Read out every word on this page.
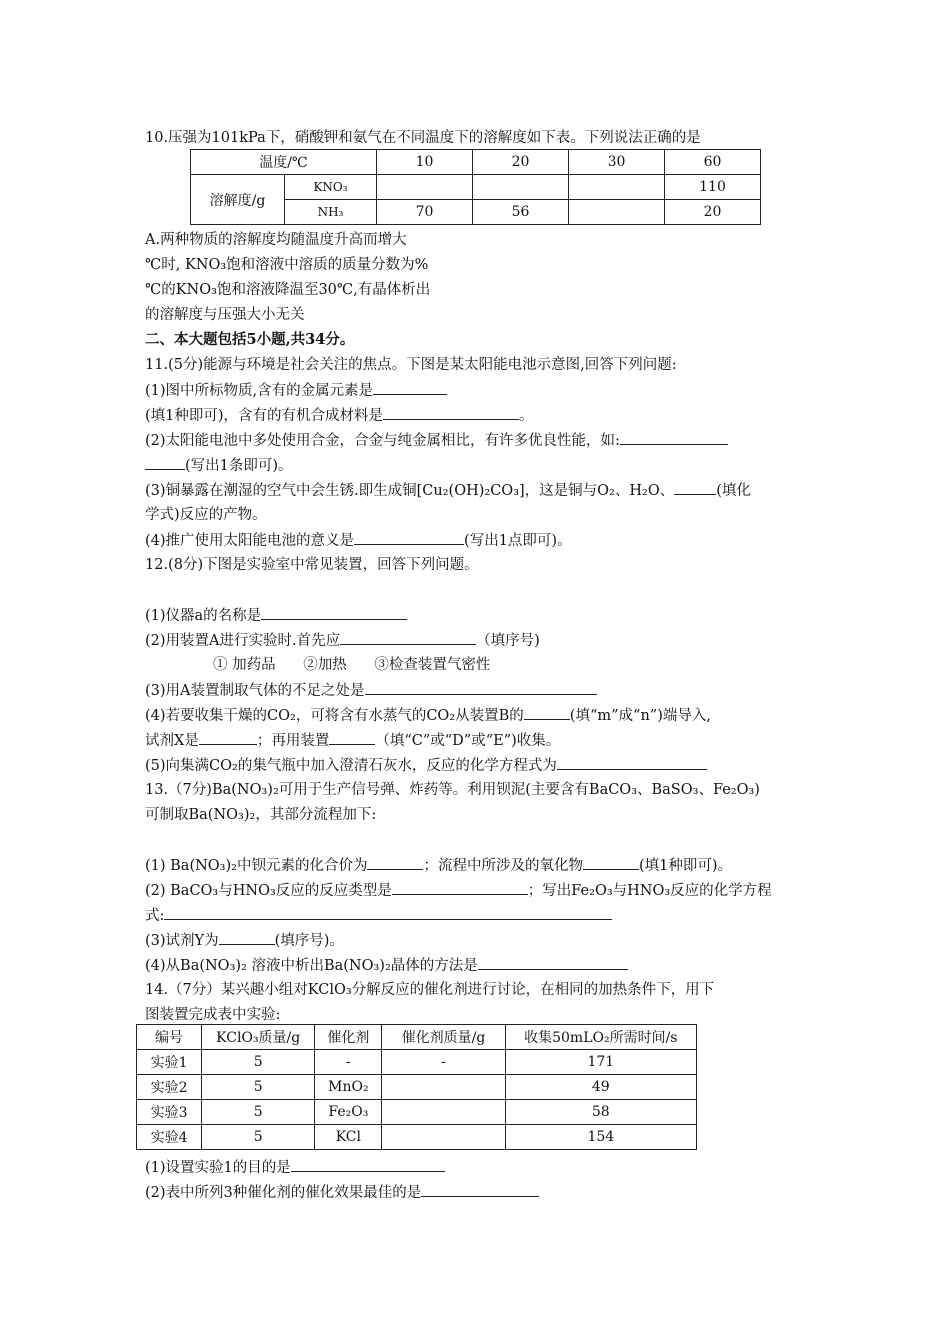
10.压强为101kPa下，硝酸钾和氨气在不同温度下的溶解度如下表。下列说法正确的是
温度/℃		10	20	30	60
溶解度/g	KNO₃				110
	NH₃	70	56		20
A.两种物质的溶解度均随温度升高而增大
℃时, KNO₃饱和溶液中溶质的质量分数为%
℃的KNO₃饱和溶液降温至30℃,有晶体析出
的溶解度与压强大小无关
二、本大题包括5小题,共34分。
11.(5分)能源与环境是社会关注的焦点。下图是某太阳能电池示意图,回答下列问题:
(1)图中所标物质,含有的金属元素是
(填1种即可)，含有的有机合成材料是	。
(2)太阳能电池中多处使用合金，合金与纯金属相比，有许多优良性能，如:
(写出1条即可)。
(3)铜暴露在潮湿的空气中会生锈.即生成铜[Cu₂(OH)₂CO₃]，这是铜与O₂、H₂O、	(填化
学式)反应的产物。
(4)推广使用太阳能电池的意义是	(写出1点即可)。
12.(8分)下图是实验室中常见装置，回答下列问题。
(1)仪器a的名称是
(2)用装置A进行实验时.首先应	（填序号)
① 加药品      ②加热      ③检查装置气密性
(3)用A装置制取气体的不足之处是
(4)若要收集干燥的CO₂，可将含有水蒸气的CO₂从装置B的	(填“m”成“n”)端导入,
试剂X是	；再用装置	（填“C”或“D”或“E”)收集。
(5)向集满CO₂的集气瓶中加入澄清石灰水，反应的化学方程式为
13.（7分)Ba(NO₃)₂可用于生产信号弹、炸药等。利用钡泥(主要含有BaCO₃、BaSO₃、Fe₂O₃)
可制取Ba(NO₃)₂，其部分流程加下:
(1) Ba(NO₃)₂中钡元素的化合价为	；流程中所涉及的氧化物	(填1种即可)。
(2) BaCO₃与HNO₃反应的反应类型是	；写出Fe₂O₃与HNO₃反应的化学方程
式:
(3)试剂Y为	(填序号)。
(4)从Ba(NO₃)₂ 溶液中析出Ba(NO₃)₂晶体的方法是
14.（7分）某兴趣小组对KClO₃分解反应的催化剂进行讨论，在相同的加热条件下，用下
图装置完成表中实验:
编号	KClO₃质量/g	催化剂	催化剂质量/g	收集50mLO₂所需时间/s
实验1	5	-	-	171
实验2	5	MnO₂		49
实验3	5	Fe₂O₃		58
实验4	5	KCl		154
(1)设置实验1的目的是
(2)表中所列3种催化剂的催化效果最佳的是
